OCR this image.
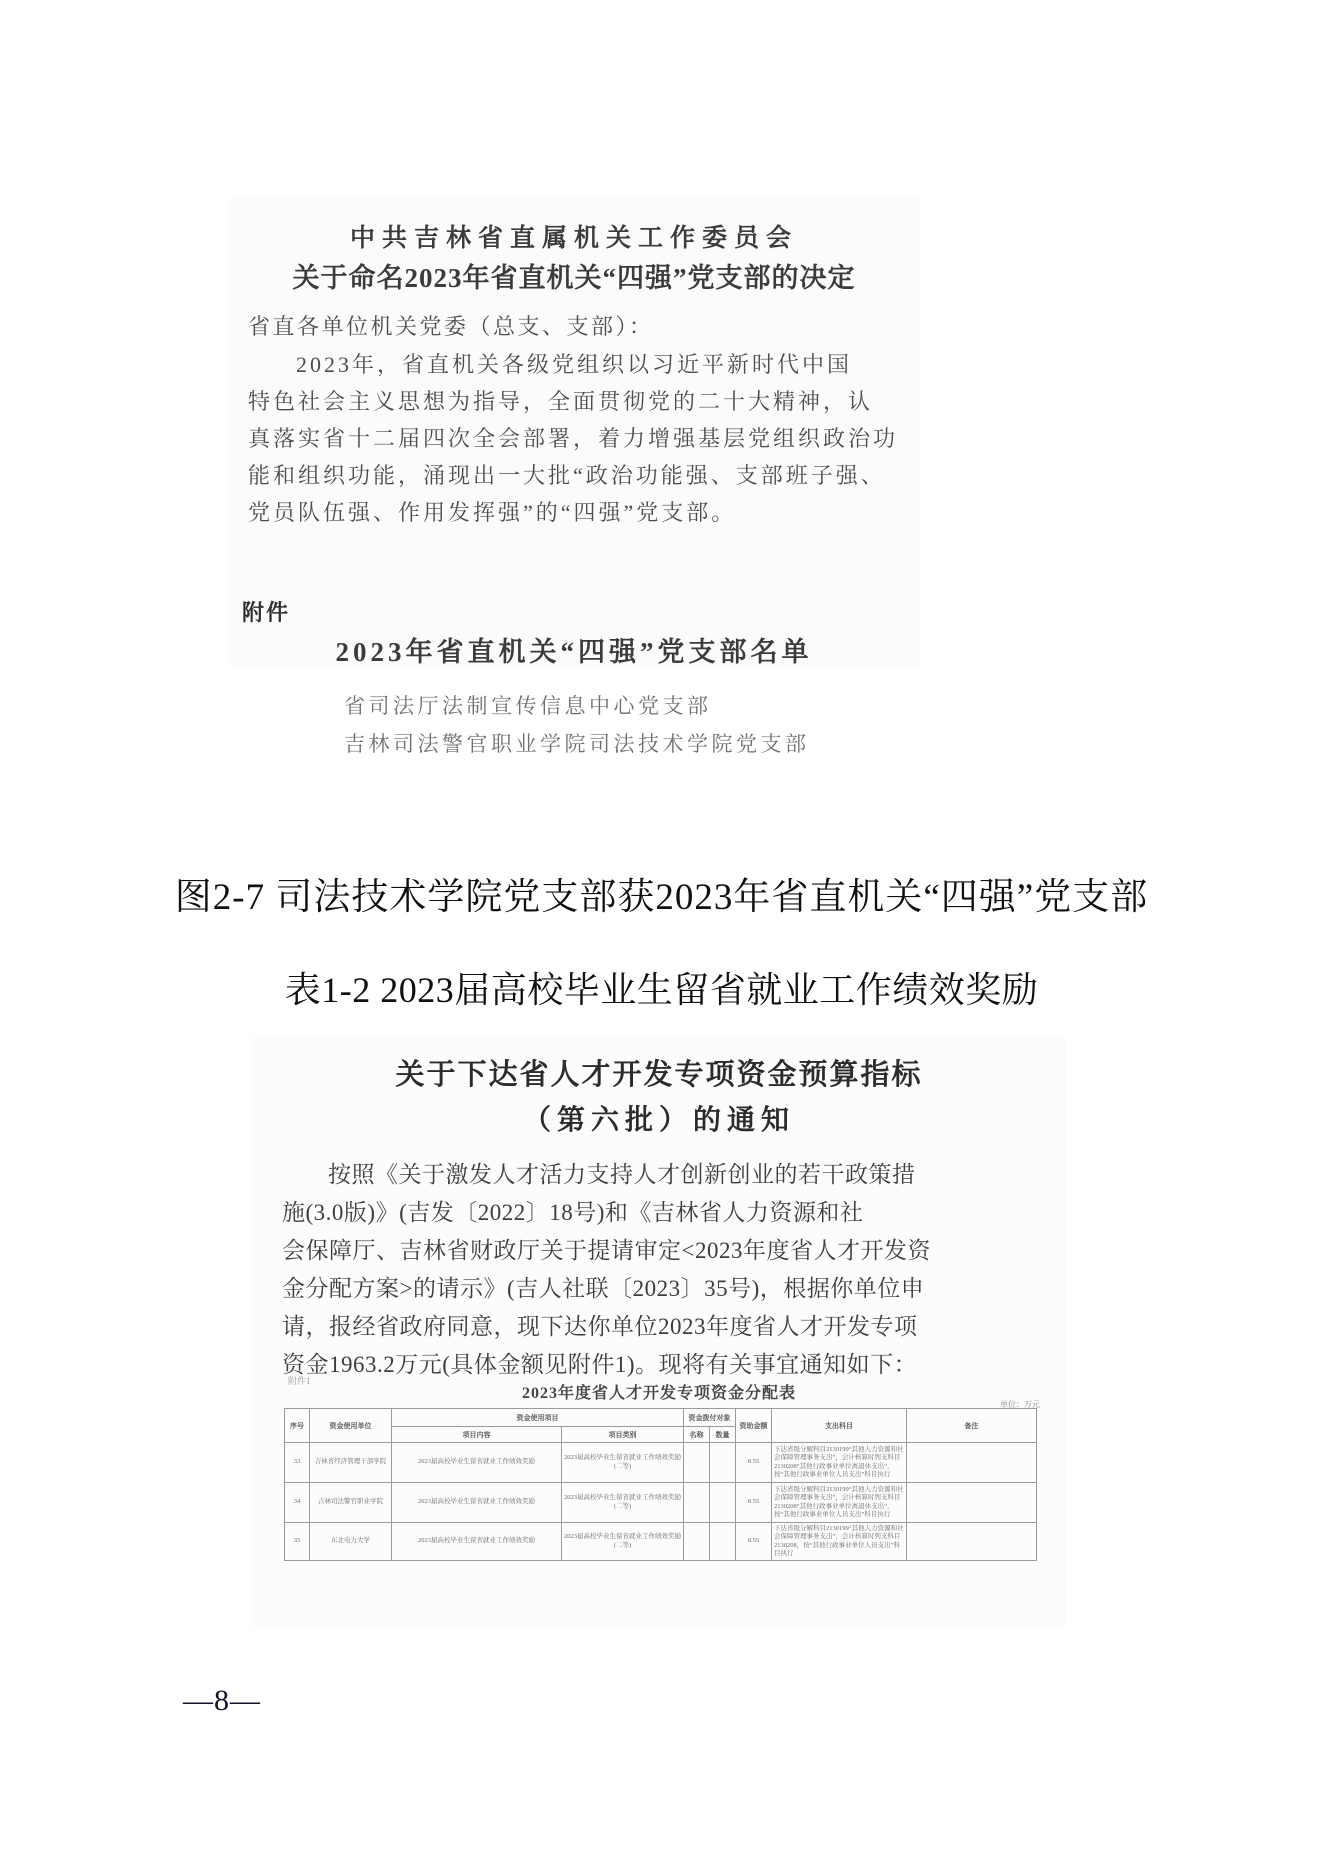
中共吉林省直属机关工作委员会
关于命名2023年省直机关“四强”党支部的决定
省直各单位机关党委（总支、支部）：
2023年，省直机关各级党组织以习近平新时代中国
特色社会主义思想为指导，全面贯彻党的二十大精神，认
真落实省十二届四次全会部署，着力增强基层党组织政治功
能和组织功能，涌现出一大批“政治功能强、支部班子强、
党员队伍强、作用发挥强”的“四强”党支部。
附件
2023年省直机关“四强”党支部名单
省司法厅法制宣传信息中心党支部
吉林司法警官职业学院司法技术学院党支部
图2-7 司法技术学院党支部获2023年省直机关“四强”党支部
表1-2 2023届高校毕业生留省就业工作绩效奖励
关于下达省人才开发专项资金预算指标
（第六批）的通知
按照《关于激发人才活力支持人才创新创业的若干政策措
施(3.0版)》(吉发〔2022〕18号)和《吉林省人力资源和社
会保障厅、吉林省财政厅关于提请审定<2023年度省人才开发资
金分配方案>的请示》(吉人社联〔2023〕35号)，根据你单位申
请，报经省政府同意，现下达你单位2023年度省人才开发专项
资金1963.2万元(具体金额见附件1)。现将有关事宜通知如下：
附件1
2023年度省人才开发专项资金分配表
单位：万元
序号	资金使用单位	资金使用项目		资金拨付对象		资助金额	支出科目	备注
		项目内容	项目类别	名称	数量			
33	吉林省经济管理干部学院	2023届高校毕业生留省就业工作绩效奖励	2023届高校毕业生留省就业工作绩效奖励(二等)			8.55	下达省级分解科目2130199“其他人力资源和社会保障管理事务支出”，会计核算时列支科目2130208“其他行政事业单位离退休支出”，按“其他行政事业单位人员支出”科目执行	
34	吉林司法警官职业学院	2023届高校毕业生留省就业工作绩效奖励	2023届高校毕业生留省就业工作绩效奖励(二等)			8.55	下达省级分解科目2130199“其他人力资源和社会保障管理事务支出”，会计核算时列支科目2130208“其他行政事业单位离退休支出”，按“其他行政事业单位人员支出”科目执行	
35	东北电力大学	2023届高校毕业生留省就业工作绩效奖励	2023届高校毕业生留省就业工作绩效奖励(二等)			8.55	下达省级分解科目2130199“其他人力资源和社会保障管理事务支出”，会计核算时列支科目2130208，按“其他行政事业单位人员支出”科目执行	
—8—
